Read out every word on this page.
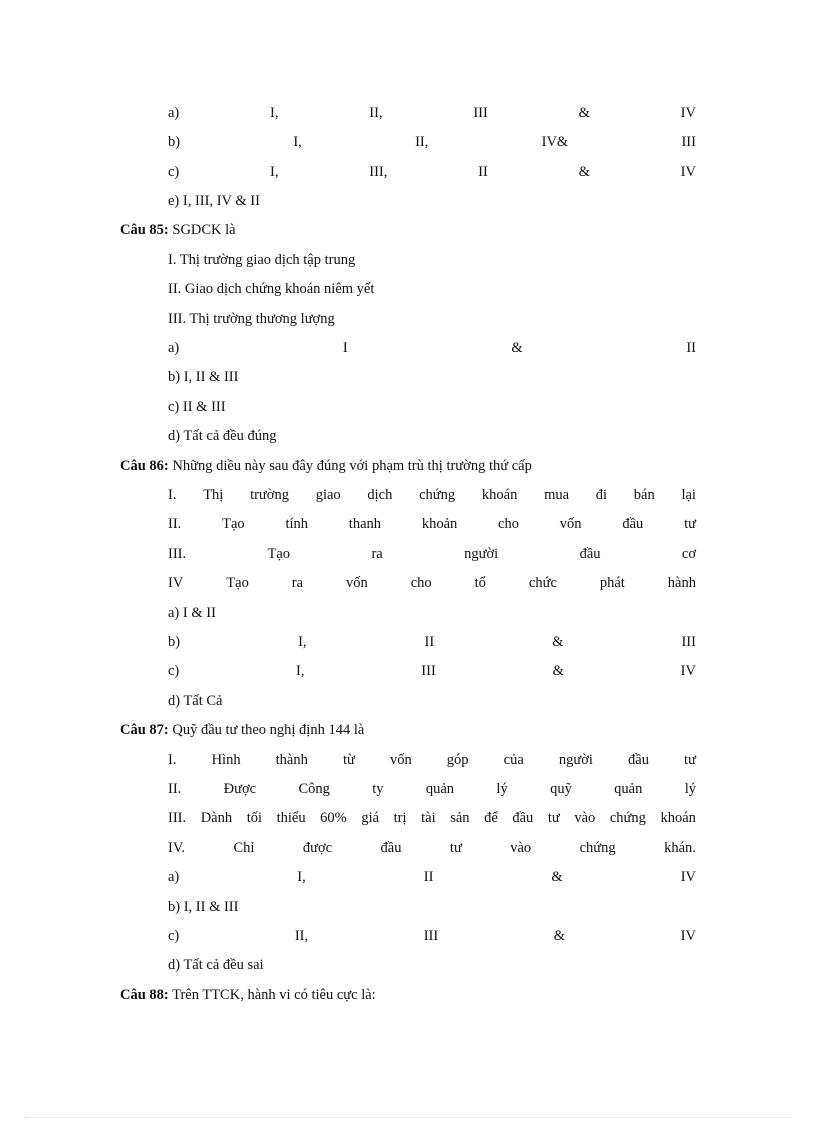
a)	I,	II,	III	&	IV
b)	I,	II,	IV&	III
c)	I,	III,	II	&	IV
e) I, III, IV & II
Câu 85: SGDCK là
I. Thị trường giao dịch tập trung
II. Giao dịch chứng khoán niêm yết
III. Thị trường thương lượng
a)	I	&	II
b) I, II & III
c) II & III
d) Tất cả đều đúng
Câu 86: Những diều này sau đây đúng với phạm trù thị trường thứ cấp
I. Thị trường giao dịch chứng khoán mua đi bán lại
II.	Tạo	tính	thanh	khoản	cho	vốn	đầu	tư
III.	Tạo	ra	người	đầu	cơ
IV	Tạo	ra	vốn	cho	tổ	chức	phát	hành
a) I & II
b)	I,	II	&	III
c)	I,	III	&	IV
d) Tất Cả
Câu 87: Quỹ đầu tư theo nghị định 144 là
I. Hình thành từ vốn góp của người đầu tư
II.	Được	Công	ty	quản	lý	quỹ	quản	lý
III. Dành tối thiểu 60% giá trị tài sản để đầu tư vào chứng khoán
IV.	Chỉ	được	đầu	tư	vào	chứng	khán.
a)	I,	II	&	IV
b) I, II & III
c)	II,	III	&	IV
d) Tất cả đều sai
Câu 88: Trên TTCK, hành vi có tiêu cực là:
